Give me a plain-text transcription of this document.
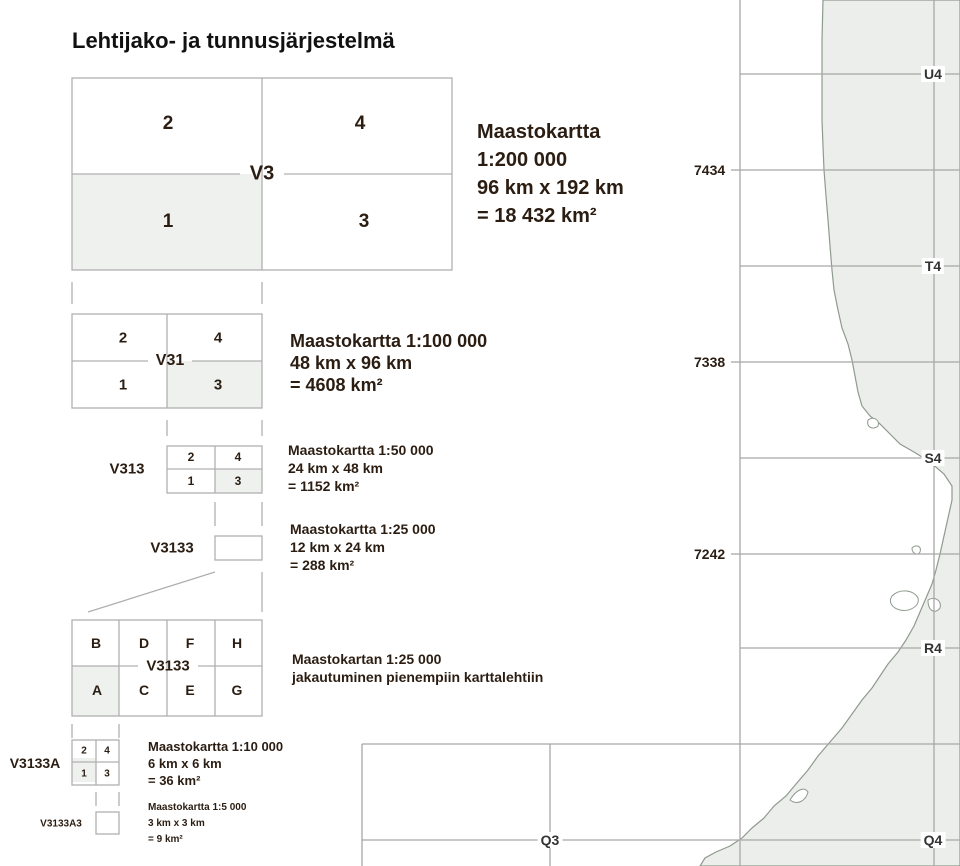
7434
7338
7242
U4
T4
S4
R4
Q3	Q4
Lehtijako- ja tunnusjärjestelmä
2	4
1	3
V3
Maastokartta
1:200 000
96 km x 192 km
= 18 432 km²
2	4
1	3
V31
Maastokartta 1:100 000
48 km x 96 km
= 4608 km²
V313
2	4
1	3
Maastokartta 1:50 000
24 km x 48 km
= 1152 km²
V3133
Maastokartta 1:25 000
12 km x 24 km
= 288 km²
B	D	F	H
A	C	E	G
V3133	Maastokartan 1:25 000
jakautuminen pienempiin karttalehtiin
V3133A
2 4
1 3
Maastokartta 1:10 000
6 km x 6 km
= 36 km²
V3133A3
Maastokartta 1:5 000
3 km x 3 km
= 9 km²
